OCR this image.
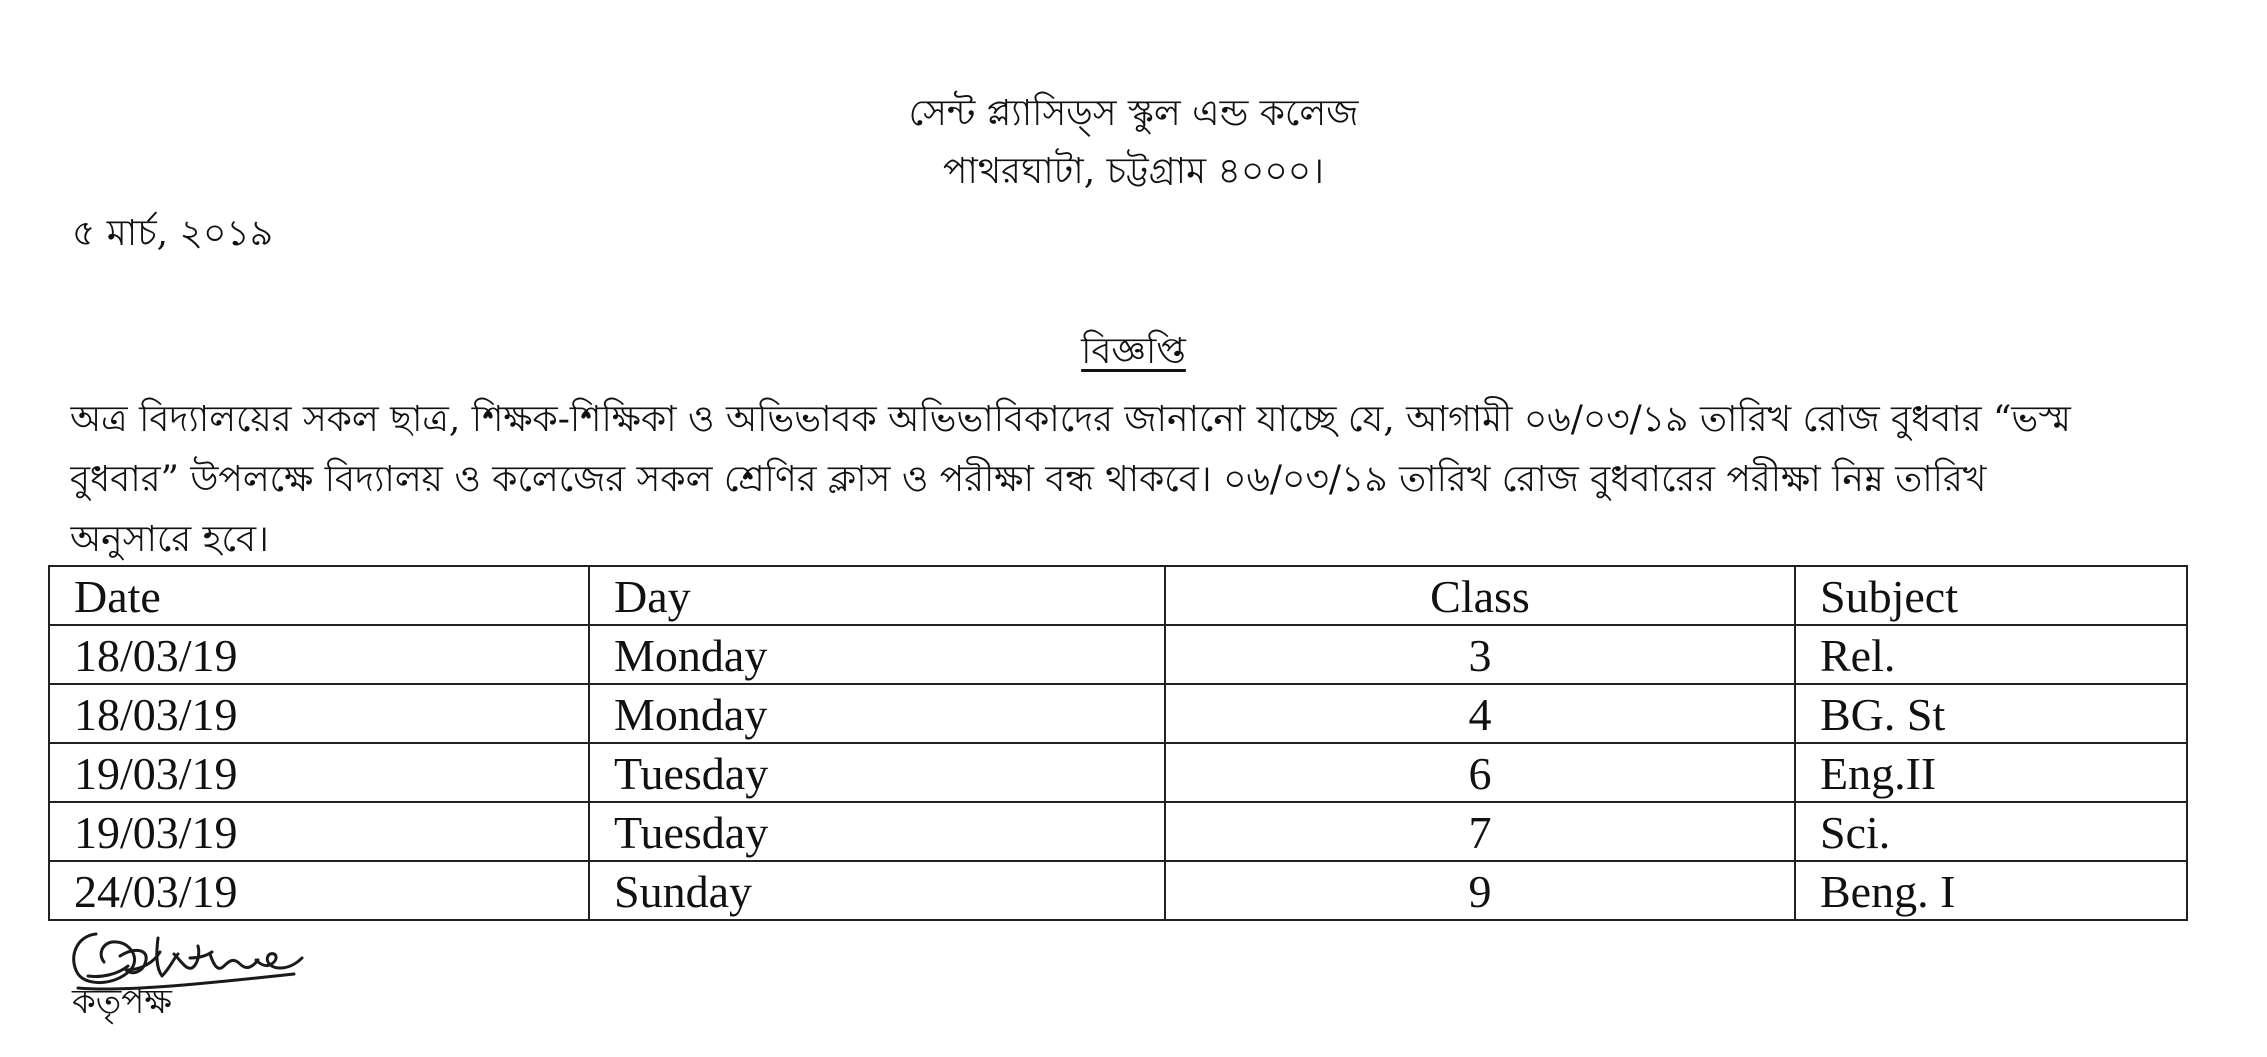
সেন্ট প্ল্যাসিড্স স্কুল এন্ড কলেজ
পাথরঘাটা, চট্টগ্রাম ৪০০০।
৫ মার্চ, ২০১৯
বিজ্ঞপ্তি
অত্র বিদ্যালয়ের সকল ছাত্র, শিক্ষক-শিক্ষিকা ও অভিভাবক অভিভাবিকাদের জানানো যাচ্ছে যে, আগামী ০৬/০৩/১৯ তারিখ রোজ বুধবার “ভস্ম
বুধবার” উপলক্ষে বিদ্যালয় ও কলেজের সকল শ্রেণির ক্লাস ও পরীক্ষা বন্ধ থাকবে। ০৬/০৩/১৯ তারিখ রোজ বুধবারের পরীক্ষা নিম্ন তারিখ
অনুসারে হবে।
Date	Day	Class	Subject
18/03/19	Monday	3	Rel.
18/03/19	Monday	4	BG. St
19/03/19	Tuesday	6	Eng.II
19/03/19	Tuesday	7	Sci.
24/03/19	Sunday	9	Beng. I
কতৃপক্ষ
